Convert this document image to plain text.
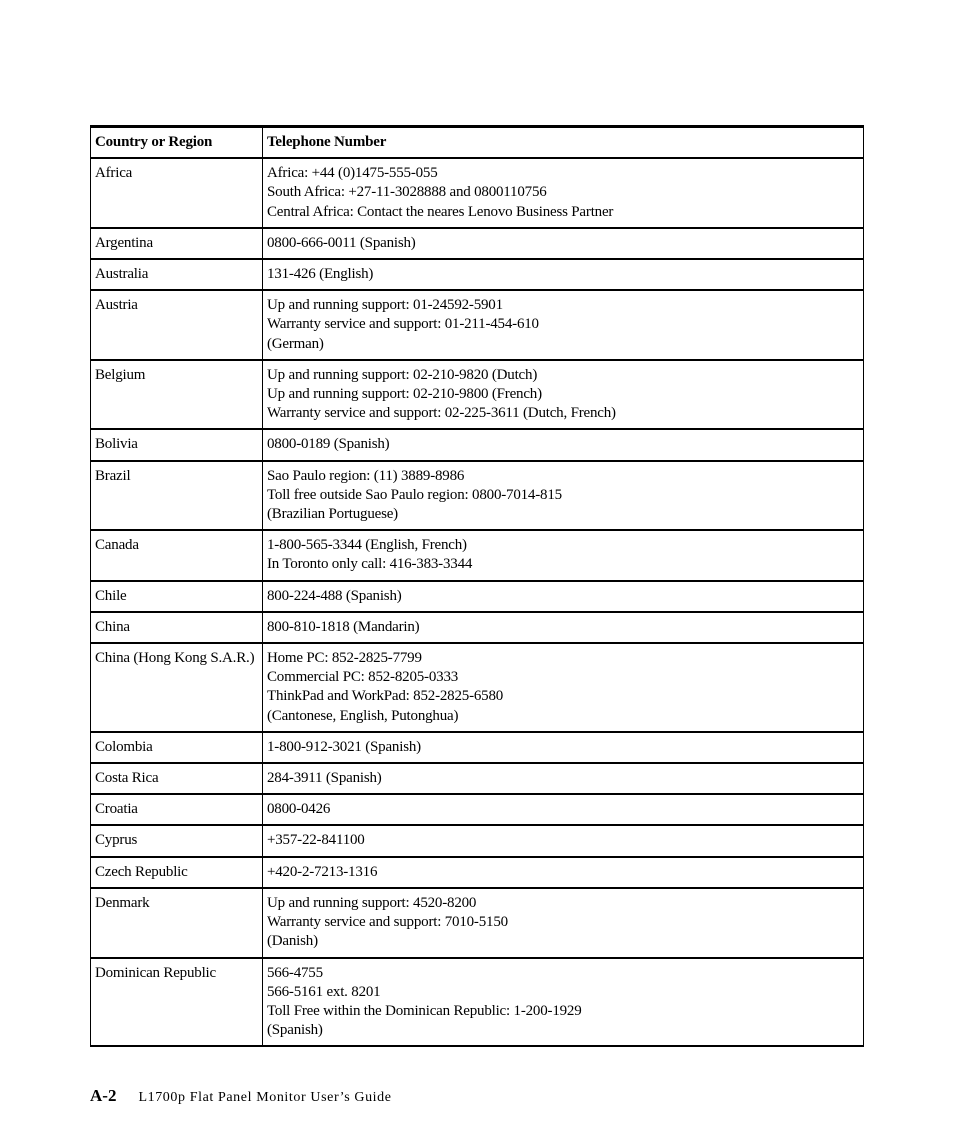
Country or Region	Telephone Number

Africa	Africa: +44 (0)1475-555-055
South Africa: +27-11-3028888 and 0800110756
Central Africa: Contact the neares Lenovo Business Partner

Argentina	0800-666-0011 (Spanish)

Australia	131-426 (English)

Austria	Up and running support: 01-24592-5901
Warranty service and support: 01-211-454-610
(German)

Belgium	Up and running support: 02-210-9820 (Dutch)
Up and running support: 02-210-9800 (French)
Warranty service and support: 02-225-3611 (Dutch, French)

Bolivia	0800-0189 (Spanish)

Brazil	Sao Paulo region: (11) 3889-8986
Toll free outside Sao Paulo region: 0800-7014-815
(Brazilian Portuguese)

Canada	1-800-565-3344 (English, French)
In Toronto only call: 416-383-3344

Chile	800-224-488 (Spanish)

China	800-810-1818 (Mandarin)

China (Hong Kong S.A.R.)	Home PC: 852-2825-7799
Commercial PC: 852-8205-0333
ThinkPad and WorkPad: 852-2825-6580
(Cantonese, English, Putonghua)

Colombia	1-800-912-3021 (Spanish)

Costa Rica	284-3911 (Spanish)

Croatia	0800-0426

Cyprus	+357-22-841100

Czech Republic	+420-2-7213-1316

Denmark	Up and running support: 4520-8200
Warranty service and support: 7010-5150
(Danish)

Dominican Republic	566-4755
566-5161 ext. 8201
Toll Free within the Dominican Republic: 1-200-1929
(Spanish)
A-2 L1700p Flat Panel Monitor User’s Guide
